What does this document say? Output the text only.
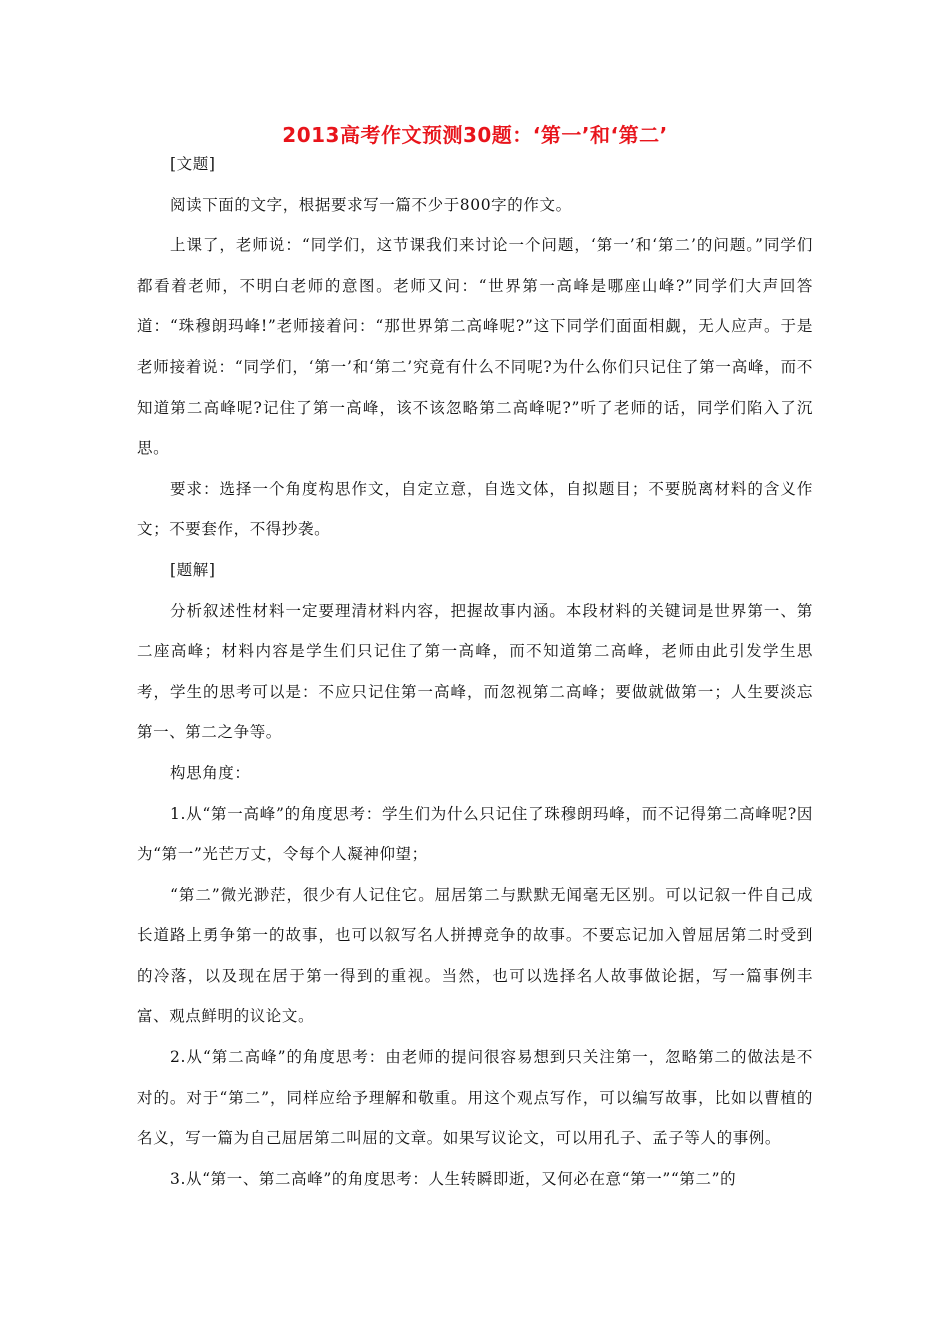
2013高考作文预测30题：‘第一’和‘第二’

[文题]

阅读下面的文字，根据要求写一篇不少于800字的作文。

上课了，老师说：“同学们，这节课我们来讨论一个问题，‘第一’和‘第二’的问题。”同学们都看着老师，不明白老师的意图。老师又问：“世界第一高峰是哪座山峰?”同学们大声回答道：“珠穆朗玛峰!”老师接着问：“那世界第二高峰呢?”这下同学们面面相觑，无人应声。于是老师接着说：“同学们，‘第一’和‘第二’究竟有什么不同呢?为什么你们只记住了第一高峰，而不知道第二高峰呢?记住了第一高峰，该不该忽略第二高峰呢?”听了老师的话，同学们陷入了沉思。

要求：选择一个角度构思作文，自定立意，自选文体，自拟题目；不要脱离材料的含义作文；不要套作，不得抄袭。

[题解]

分析叙述性材料一定要理清材料内容，把握故事内涵。本段材料的关键词是世界第一、第二座高峰；材料内容是学生们只记住了第一高峰，而不知道第二高峰，老师由此引发学生思考，学生的思考可以是：不应只记住第一高峰，而忽视第二高峰；要做就做第一；人生要淡忘第一、第二之争等。

构思角度：

1.从“第一高峰”的角度思考：学生们为什么只记住了珠穆朗玛峰，而不记得第二高峰呢?因为“第一”光芒万丈，令每个人凝神仰望；

“第二”微光渺茫，很少有人记住它。屈居第二与默默无闻毫无区别。可以记叙一件自己成长道路上勇争第一的故事，也可以叙写名人拼搏竞争的故事。不要忘记加入曾屈居第二时受到的冷落，以及现在居于第一得到的重视。当然，也可以选择名人故事做论据，写一篇事例丰富、观点鲜明的议论文。

2.从“第二高峰”的角度思考：由老师的提问很容易想到只关注第一，忽略第二的做法是不对的。对于“第二”，同样应给予理解和敬重。用这个观点写作，可以编写故事，比如以曹植的名义，写一篇为自己屈居第二叫屈的文章。如果写议论文，可以用孔子、孟子等人的事例。

3.从“第一、第二高峰”的角度思考：人生转瞬即逝，又何必在意“第一”“第二”的
